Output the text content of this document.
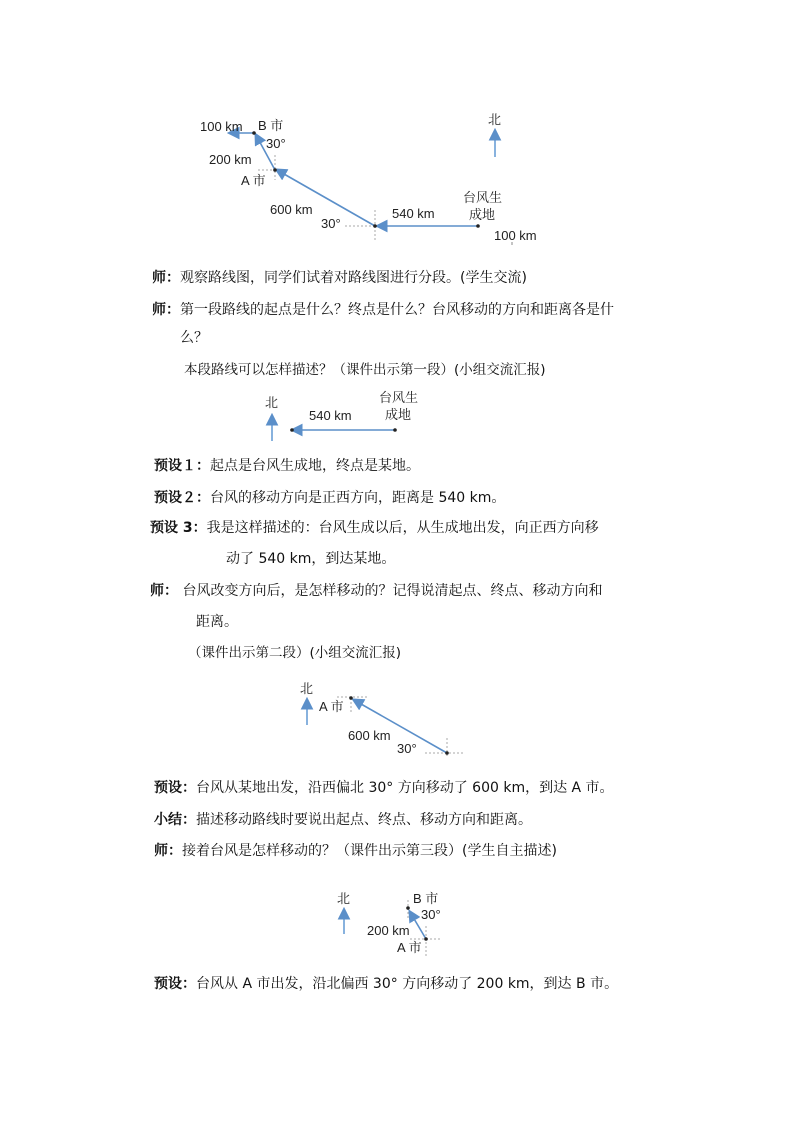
北
100 km B 市
30°
200 km
A 市
600 km
30°
540 km
台风生
成地
100 km
师：观察路线图，同学们试着对路线图进行分段。(学生交流)
师：第一段路线的起点是什么？终点是什么？台风移动的方向和距离各是什
么？
本段路线可以怎样描述？（课件出示第一段）(小组交流汇报)
北
540 km
台风生
成地
预设１：起点是台风生成地，终点是某地。
预设２：台风的移动方向是正西方向，距离是 540 km。
预设 3：我是这样描述的：台风生成以后，从生成地出发，向正西方向移
动了 540 km，到达某地。
师： 台风改变方向后，是怎样移动的？记得说清起点、终点、移动方向和
距离。
（课件出示第二段）(小组交流汇报)
北
A 市
600 km
30°
预设：台风从某地出发，沿西偏北 30° 方向移动了 600 km，到达 A 市。
小结：描述移动路线时要说出起点、终点、移动方向和距离。
师：接着台风是怎样移动的？（课件出示第三段）(学生自主描述)
北	B 市
30°
200 km
A 市
预设：台风从 A 市出发，沿北偏西 30° 方向移动了 200 km，到达 B 市。
